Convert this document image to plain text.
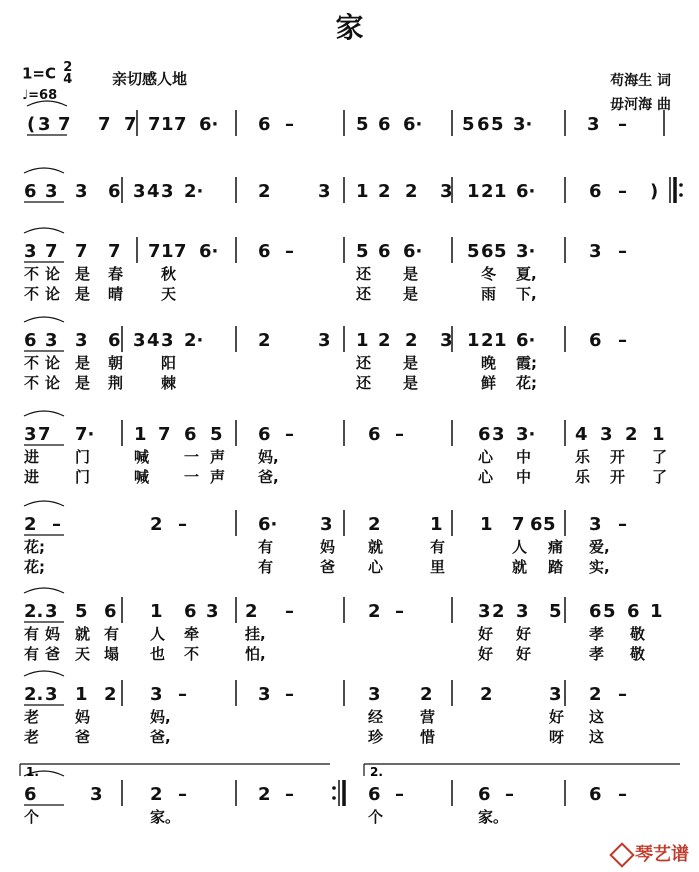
家
1=C 2
4
♩=68
亲切感人地	苟海生 词
毋河海 曲
( 3 7 7 7 7 1 7 6· 6 –	5 6 6· 5 6 5 3·	3 –
6 3 3 6 3 4 3 2·	2	3 1 2 2 3 1 2 1 6·	6 – )
3 7 7 7 7 1 7 6· 6 –	5 6 6· 5 6 5 3·	3 –
不 论 是 春	秋	还 是	冬 夏,
不 论 是 晴	天	还 是	雨 下,
6 3 3 6 3 4 3 2·	2	3 1 2 2 3 1 2 1 6·	6 –
不 论 是 朝	阳	还 是	晚 霞;
不 论 是 荆	棘	还 是	鲜 花;
3 7 7· 1 7 6 5 6 –	6 –	6 3 3· 4 3 2 1
进 门	喊 一 声 妈,	心 中	乐 开 了
进 门	喊 一 声 爸,	心 中	乐 开 了
2 –	2 –	6· 3 2	1 1 7 6 5 3 –
花;	有	妈 就	有	人 痛 爱,
花;	有	爸 心	里	就 踏 实,
2. 3 5 6 1 6 3 2 –	2 –	3 2 3 5 6 5 6 1
有 妈 就 有 人 牵	挂,	好 好	孝 敬
有 爸 天 塌 也 不	怕,	好 好	孝 敬
2. 3 1 2 3 –	3 –	3 2	2	3 2 –
老 妈	妈,	经 营	好 这
老 爸	爸,	珍 惜	呀 这
6	3	2 –	2 –	6 –	6 –	6 –
个	家。	个	家。
1.	2.
琴艺谱
